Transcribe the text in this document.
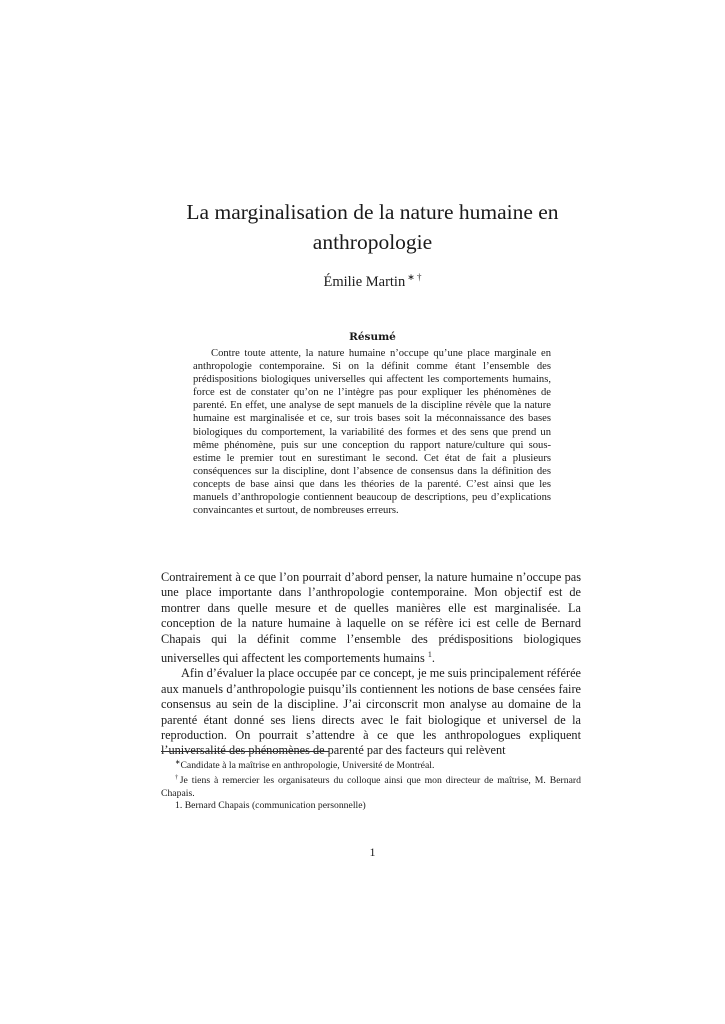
La marginalisation de la nature humaine en
anthropologie
Émilie Martin ∗ †
Résumé

Contre toute attente, la nature humaine n’occupe qu’une place marginale en anthropologie contemporaine. Si on la définit comme étant l’ensemble des prédispositions biologiques universelles qui affectent les comportements humains, force est de constater qu’on ne l’intègre pas pour expliquer les phénomènes de parenté. En effet, une analyse de sept manuels de la discipline révèle que la nature humaine est marginalisée et ce, sur trois bases soit la méconnaissance des bases biologiques du comportement, la variabilité des formes et des sens que prend un même phénomène, puis sur une conception du rapport nature/culture qui sous-estime le premier tout en surestimant le second. Cet état de fait a plusieurs conséquences sur la discipline, dont l’absence de consensus dans la définition des concepts de base ainsi que dans les théories de la parenté. C’est ainsi que les manuels d’anthropologie contiennent beaucoup de descriptions, peu d’explications convaincantes et surtout, de nombreuses erreurs.

Contrairement à ce que l’on pourrait d’abord penser, la nature humaine n’occupe pas une place importante dans l’anthropologie contemporaine. Mon objectif est de montrer dans quelle mesure et de quelles manières elle est marginalisée. La conception de la nature humaine à laquelle on se réfère ici est celle de Bernard Chapais qui la définit comme l’ensemble des prédispositions biologiques universelles qui affectent les comportements humains $^1$.

Afin d’évaluer la place occupée par ce concept, je me suis principalement référée aux manuels d’anthropologie puisqu’ils contiennent les notions de base censées faire consensus au sein de la discipline. J’ai circonscrit mon analyse au domaine de la parenté étant donné ses liens directs avec le fait biologique et universel de la reproduction. On pourrait s’attendre à ce que les anthropologues expliquent l’universalité des phénomènes de parenté par des facteurs qui relèvent

∗Candidate à la maîtrise en anthropologie, Université de Montréal.

†Je tiens à remercier les organisateurs du colloque ainsi que mon directeur de maîtrise, M. Bernard Chapais.

1. Bernard Chapais (communication personnelle)

1
